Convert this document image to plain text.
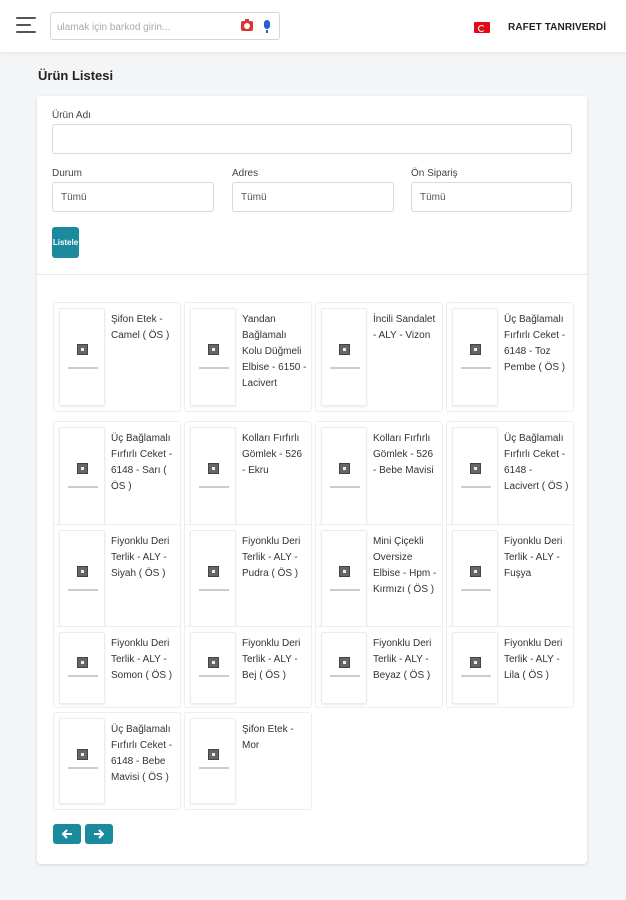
ulamak için barkod girin...
RAFET TANRIVERDİ
Ürün Listesi
Ürün Adı
Durum
Tümü
Adres
Tümü
Ön Sipariş
Tümü
Listele
Şifon Etek - Camel ( ÖS )
Yandan Bağlamalı Kolu Düğmeli Elbise - 6150 - Lacivert
İncili Sandalet - ALY - Vizon
Üç Bağlamalı Fırfırlı Ceket - 6148 - Toz Pembe ( ÖS )
Üç Bağlamalı Fırfırlı Ceket - 6148 - Sarı ( ÖS )
Kolları Fırfırlı Gömlek - 526 - Ekru
Kolları Fırfırlı Gömlek - 526 - Bebe Mavisi
Üç Bağlamalı Fırfırlı Ceket - 6148 - Lacivert ( ÖS )
Fiyonklu Deri Terlik - ALY - Siyah ( ÖS )
Fiyonklu Deri Terlik - ALY - Pudra ( ÖS )
Mini Çiçekli Oversize Elbise - Hpm - Kırmızı ( ÖS )
Fiyonklu Deri Terlik - ALY - Fuşya
Fiyonklu Deri Terlik - ALY - Somon ( ÖS )
Fiyonklu Deri Terlik - ALY - Bej ( ÖS )
Fiyonklu Deri Terlik - ALY - Beyaz ( ÖS )
Fiyonklu Deri Terlik - ALY - Lila ( ÖS )
Üç Bağlamalı Fırfırlı Ceket - 6148 - Bebe Mavisi ( ÖS )
Şifon Etek - Mor
